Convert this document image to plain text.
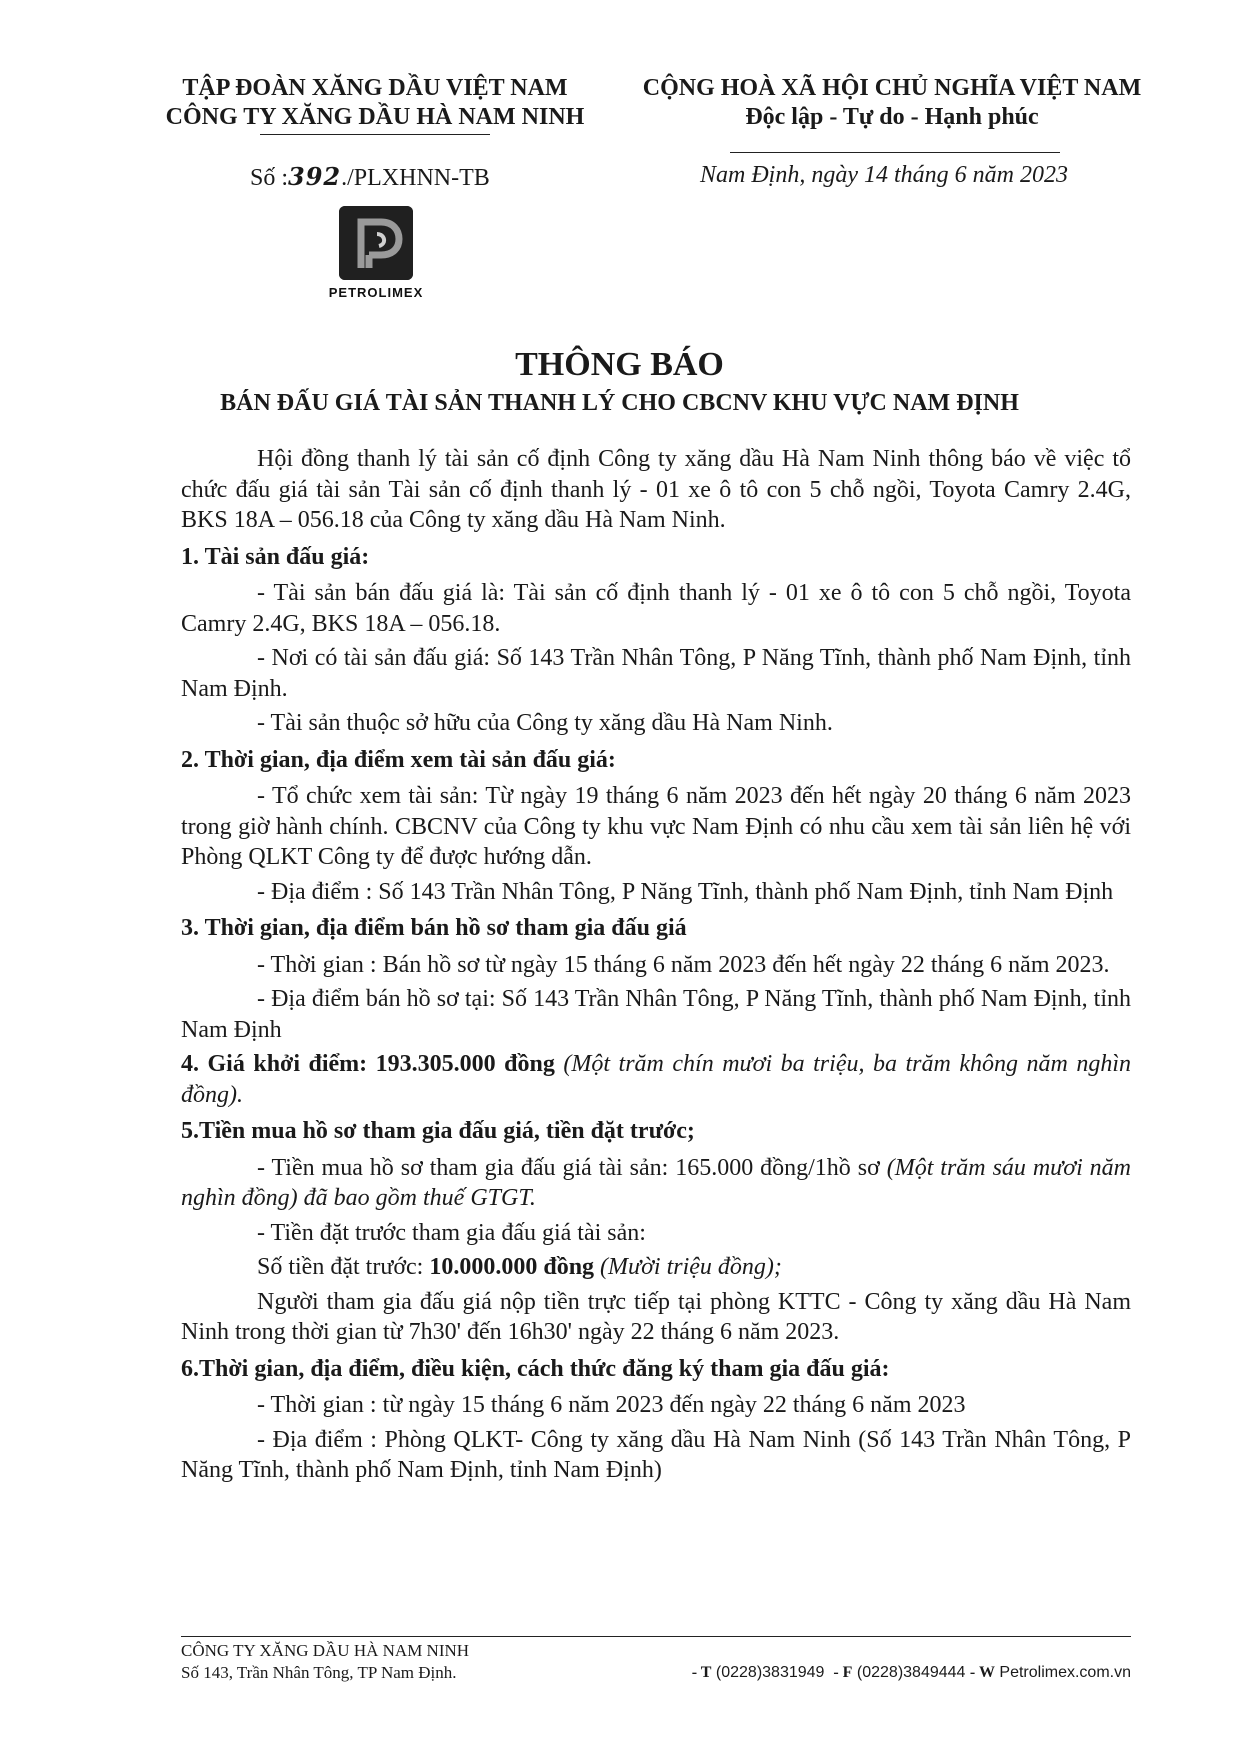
TẬP ĐOÀN XĂNG DẦU VIỆT NAM
CÔNG TY XĂNG DẦU HÀ NAM NINH
CỘNG HOÀ XÃ HỘI CHỦ NGHĨA VIỆT NAM
Độc lập - Tự do - Hạnh phúc
Số :392./PLXHNN-TB	Nam Định, ngày 14 tháng 6 năm 2023
PETROLIMEX
THÔNG BÁO
BÁN ĐẤU GIÁ TÀI SẢN THANH LÝ CHO CBCNV KHU VỰC NAM ĐỊNH

Hội đồng thanh lý tài sản cố định Công ty xăng dầu Hà Nam Ninh thông báo về việc tổ chức đấu giá tài sản Tài sản cố định thanh lý - 01 xe ô tô con 5 chỗ ngồi, Toyota Camry 2.4G, BKS 18A – 056.18 của Công ty xăng dầu Hà Nam Ninh.

1. Tài sản đấu giá:

- Tài sản bán đấu giá là: Tài sản cố định thanh lý - 01 xe ô tô con 5 chỗ ngồi, Toyota Camry 2.4G, BKS 18A – 056.18.

- Nơi có tài sản đấu giá: Số 143 Trần Nhân Tông, P Năng Tĩnh, thành phố Nam Định, tỉnh Nam Định.

- Tài sản thuộc sở hữu của Công ty xăng dầu Hà Nam Ninh.

2. Thời gian, địa điểm xem tài sản đấu giá:

- Tổ chức xem tài sản: Từ ngày 19 tháng 6 năm 2023 đến hết ngày 20 tháng 6 năm 2023 trong giờ hành chính. CBCNV của Công ty khu vực Nam Định có nhu cầu xem tài sản liên hệ với Phòng QLKT Công ty để được hướng dẫn.

- Địa điểm : Số 143 Trần Nhân Tông, P Năng Tĩnh, thành phố Nam Định, tỉnh Nam Định

3. Thời gian, địa điểm bán hồ sơ tham gia đấu giá

- Thời gian : Bán hồ sơ từ ngày 15 tháng 6 năm 2023 đến hết ngày 22 tháng 6 năm 2023.

- Địa điểm bán hồ sơ tại: Số 143 Trần Nhân Tông, P Năng Tĩnh, thành phố Nam Định, tỉnh Nam Định

4. Giá khởi điểm: 193.305.000 đồng (Một trăm chín mươi ba triệu, ba trăm không năm nghìn đồng).

5.Tiền mua hồ sơ tham gia đấu giá, tiền đặt trước;

- Tiền mua hồ sơ tham gia đấu giá tài sản: 165.000 đồng/1hồ sơ (Một trăm sáu mươi năm nghìn đồng) đã bao gồm thuế GTGT.

- Tiền đặt trước tham gia đấu giá tài sản:

Số tiền đặt trước: 10.000.000 đồng (Mười triệu đồng);

Người tham gia đấu giá nộp tiền trực tiếp tại phòng KTTC - Công ty xăng dầu Hà Nam Ninh trong thời gian từ 7h30' đến 16h30' ngày 22 tháng 6 năm 2023.

6.Thời gian, địa điểm, điều kiện, cách thức đăng ký tham gia đấu giá:

- Thời gian : từ ngày 15 tháng 6 năm 2023 đến ngày 22 tháng 6 năm 2023

- Địa điểm : Phòng QLKT- Công ty xăng dầu Hà Nam Ninh (Số 143 Trần Nhân Tông, P Năng Tĩnh, thành phố Nam Định, tỉnh Nam Định)

CÔNG TY XĂNG DẦU HÀ NAM NINH
Số 143, Trần Nhân Tông, TP Nam Định.	- T (0228)3831949 - F (0228)3849444 - W Petrolimex.com.vn
